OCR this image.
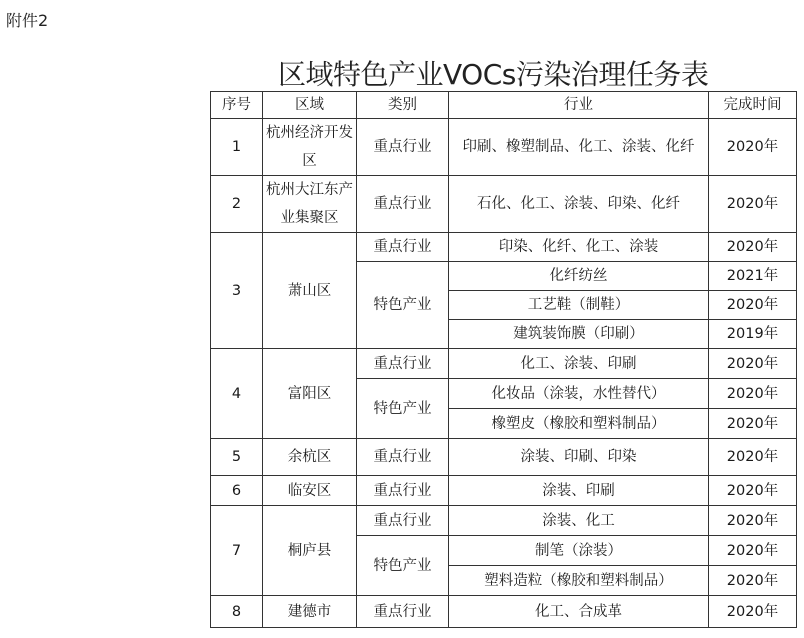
附件2
区域特色产业VOCs污染治理任务表
序号	区域	类别	行业	完成时间
1	杭州经济开发区	重点行业	印刷、橡塑制品、化工、涂装、化纤	2020年
2	杭州大江东产业集聚区	重点行业	石化、化工、涂装、印染、化纤	2020年
3	萧山区	重点行业	印染、化纤、化工、涂装	2020年
		特色产业	化纤纺丝	2021年
			工艺鞋（制鞋）	2020年
			建筑装饰膜（印刷）	2019年
4	富阳区	重点行业	化工、涂装、印刷	2020年
		特色产业	化妆品（涂装，水性替代）	2020年
			橡塑皮（橡胶和塑料制品）	2020年
5	余杭区	重点行业	涂装、印刷、印染	2020年
6	临安区	重点行业	涂装、印刷	2020年
7	桐庐县	重点行业	涂装、化工	2020年
		特色产业	制笔（涂装）	2020年
			塑料造粒（橡胶和塑料制品）	2020年
8	建德市	重点行业	化工、合成革	2020年
